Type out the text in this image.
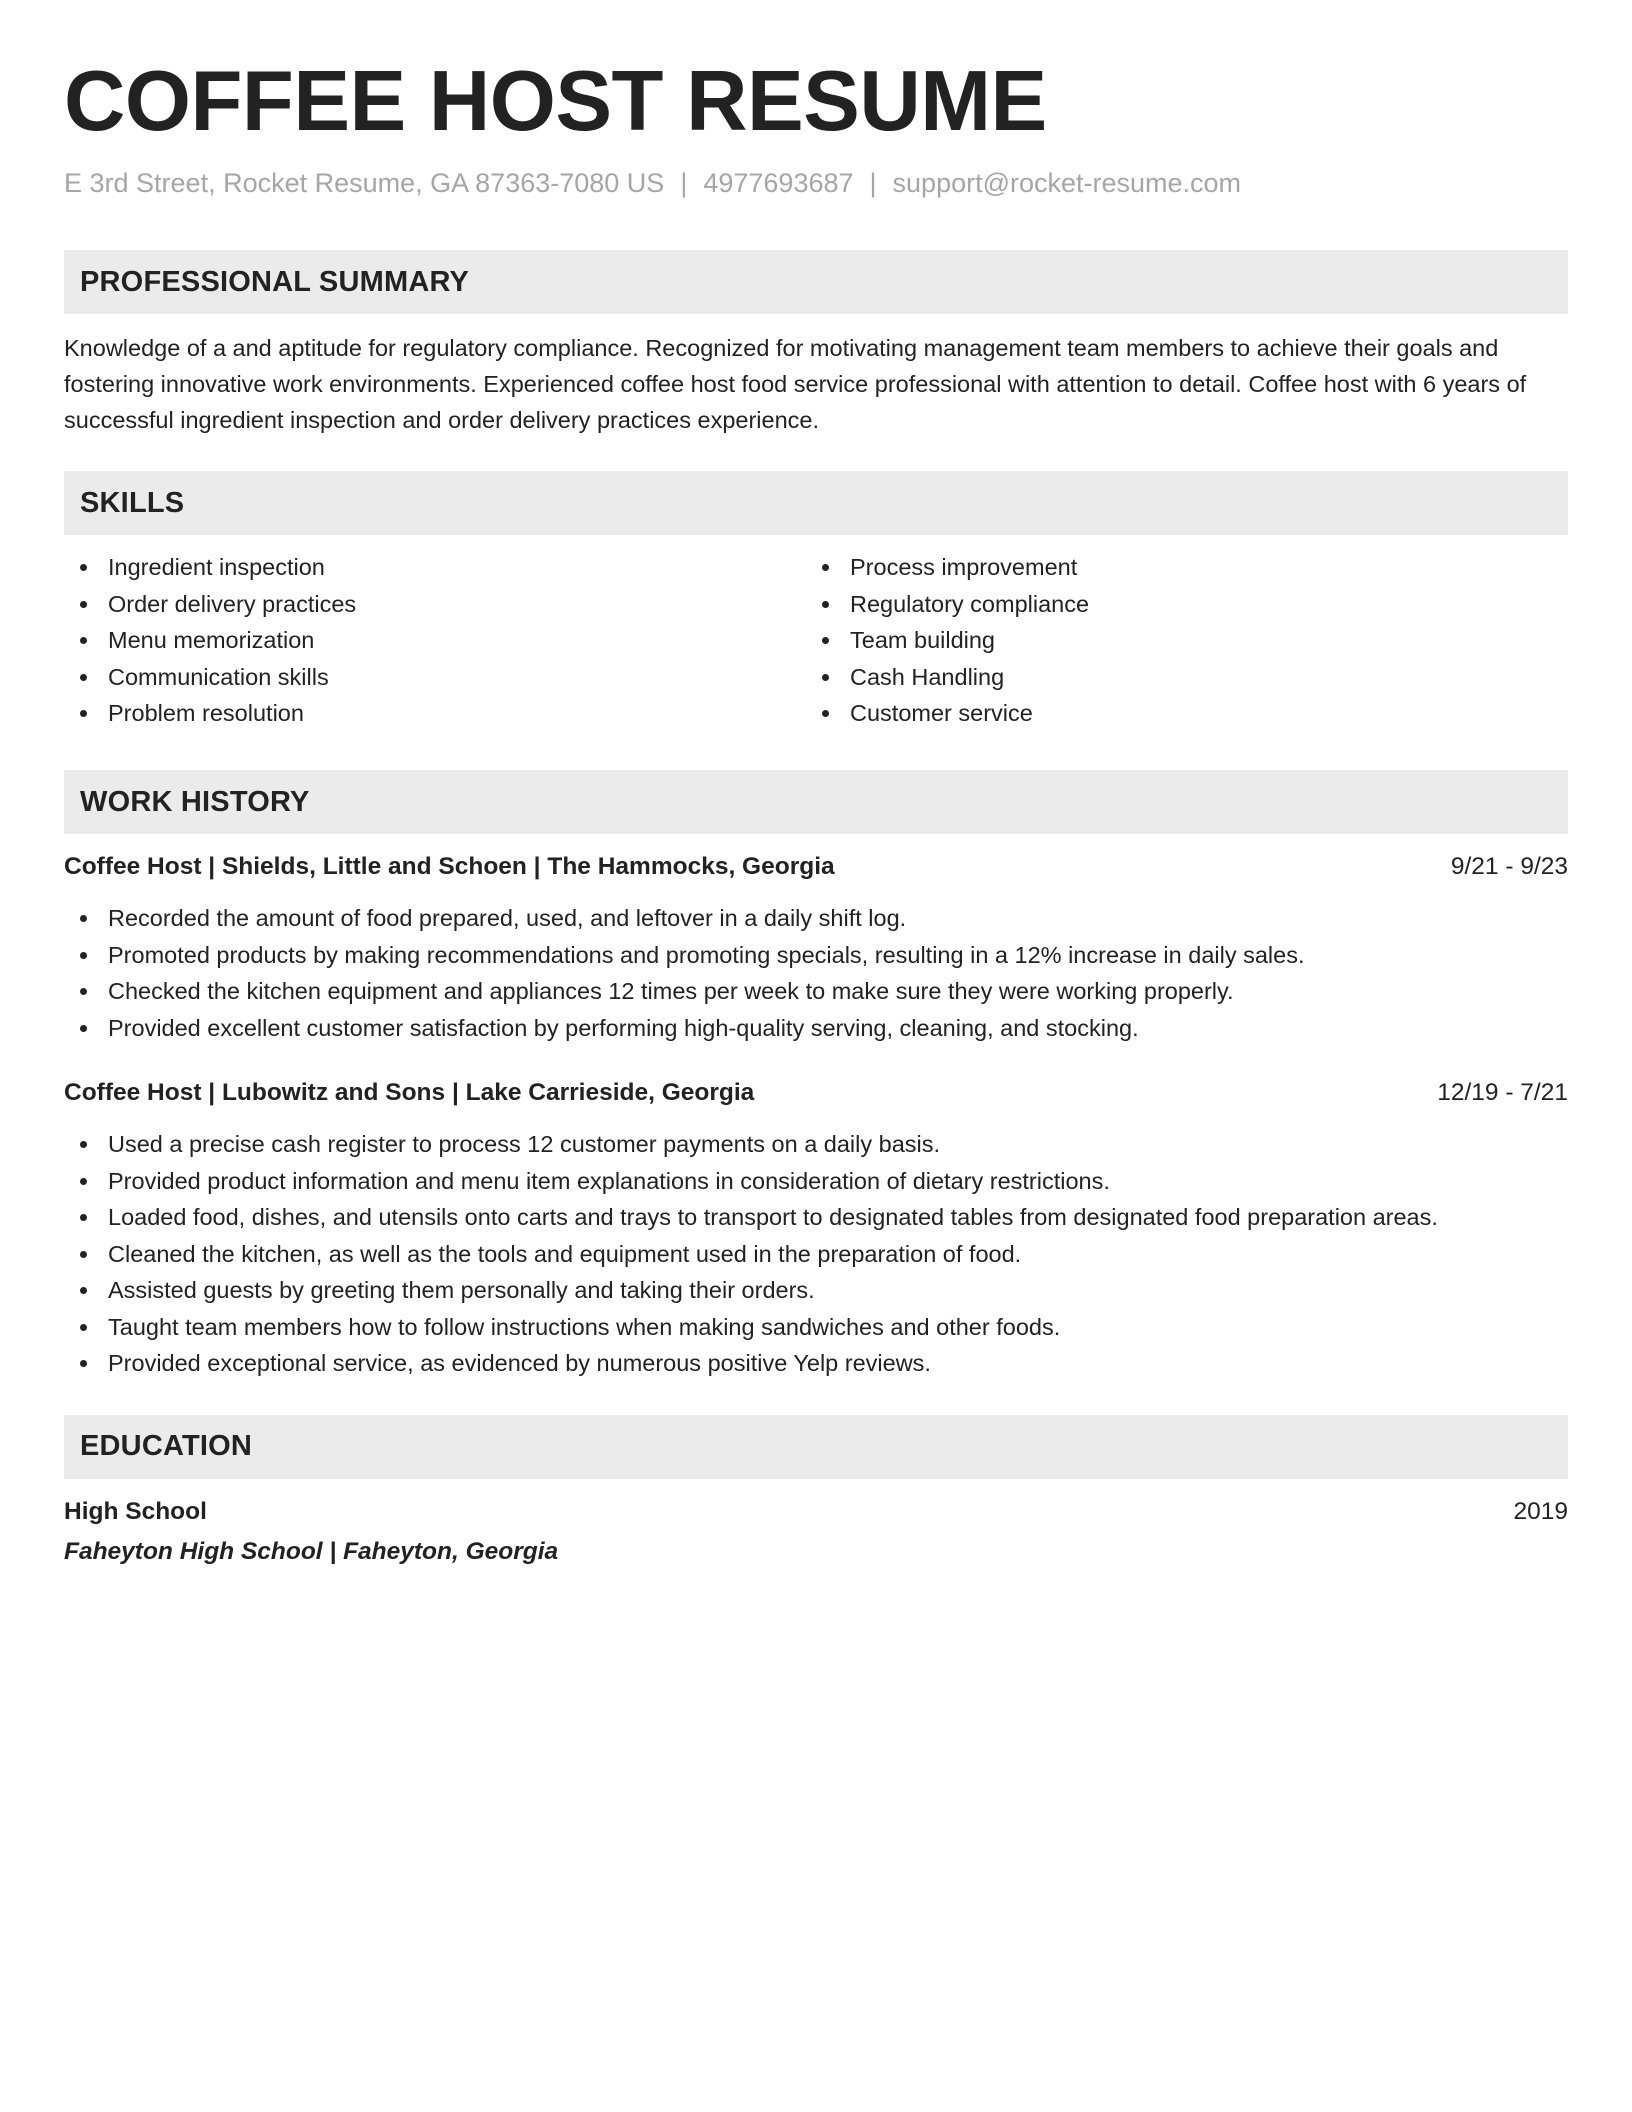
COFFEE HOST RESUME
E 3rd Street, Rocket Resume, GA 87363-7080 US | 4977693687 | support@rocket-resume.com
PROFESSIONAL SUMMARY
Knowledge of a and aptitude for regulatory compliance. Recognized for motivating management team members to achieve their goals and fostering innovative work environments. Experienced coffee host food service professional with attention to detail. Coffee host with 6 years of successful ingredient inspection and order delivery practices experience.
SKILLS
Ingredient inspection
Order delivery practices
Menu memorization
Communication skills
Problem resolution
Process improvement
Regulatory compliance
Team building
Cash Handling
Customer service
WORK HISTORY
Coffee Host | Shields, Little and Schoen | The Hammocks, Georgia	9/21 - 9/23
Recorded the amount of food prepared, used, and leftover in a daily shift log.
Promoted products by making recommendations and promoting specials, resulting in a 12% increase in daily sales.
Checked the kitchen equipment and appliances 12 times per week to make sure they were working properly.
Provided excellent customer satisfaction by performing high-quality serving, cleaning, and stocking.
Coffee Host | Lubowitz and Sons | Lake Carrieside, Georgia	12/19 - 7/21
Used a precise cash register to process 12 customer payments on a daily basis.
Provided product information and menu item explanations in consideration of dietary restrictions.
Loaded food, dishes, and utensils onto carts and trays to transport to designated tables from designated food preparation areas.
Cleaned the kitchen, as well as the tools and equipment used in the preparation of food.
Assisted guests by greeting them personally and taking their orders.
Taught team members how to follow instructions when making sandwiches and other foods.
Provided exceptional service, as evidenced by numerous positive Yelp reviews.
EDUCATION
High School	2019
Faheyton High School | Faheyton, Georgia
